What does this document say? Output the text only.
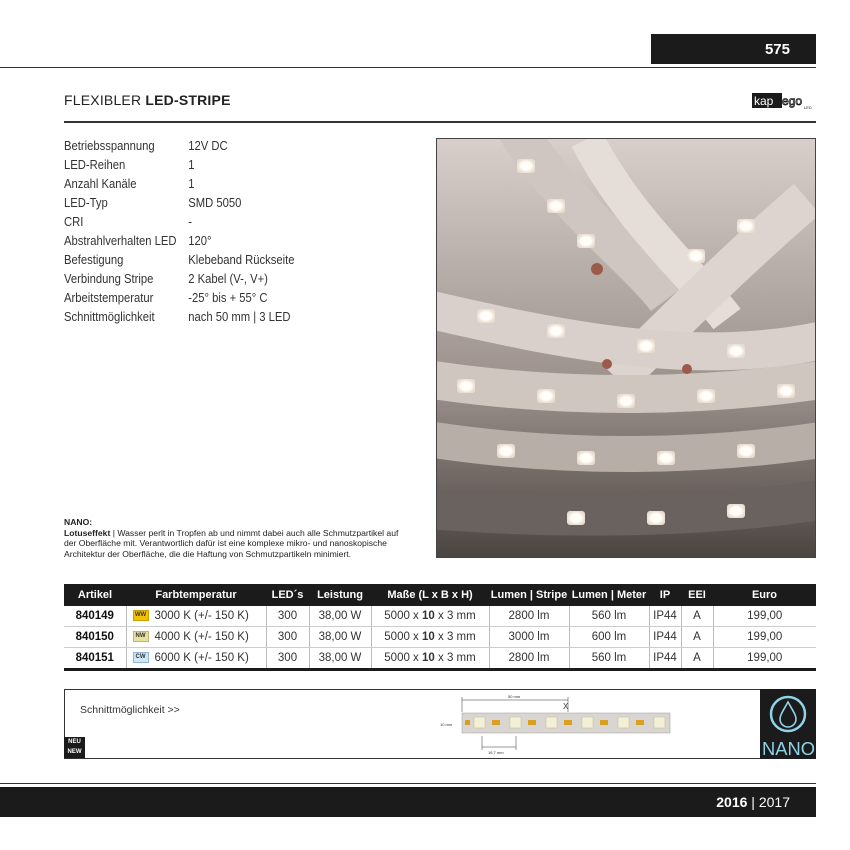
575
FLEXIBLER LED-STRIPE	kap ego LED
Betriebsspannung	12V DC
LED-Reihen	1
Anzahl Kanäle	1
LED-Typ	SMD 5050
CRI	-
Abstrahlverhalten LED 120°
Befestigung	Klebeband Rückseite
Verbindung Stripe	2 Kabel (V-, V+)
Arbeitstemperatur	-25° bis + 55° C
Schnittmöglichkeit	nach 50 mm | 3 LED
NANO:
Lotuseffekt | Wasser perlt in Tropfen ab und nimmt dabei auch alle Schmutzpartikel auf der Oberfläche mit. Verantwortlich dafür ist eine komplexe mikro- und nanoskopische Architektur der Oberfläche, die die Haftung von Schmutzpartikeln minimiert.
Artikel	Farbtemperatur	LED´s	Leistung	Maße (L x B x H)	Lumen | Stripe	Lumen | Meter	IP	EEI	Euro
840149	WW 3000 K (+/- 150 K)	300	38,00 W	5000 x 10 x 3 mm	2800 lm	560 lm	IP44	A	199,00
840150	NW 4000 K (+/- 150 K)	300	38,00 W	5000 x 10 x 3 mm	3000 lm	600 lm	IP44	A	199,00
840151	CW 6000 K (+/- 150 K)	300	38,00 W	5000 x 10 x 3 mm	2800 lm	560 lm	IP44	A	199,00
Schnittmöglichkeit >>
50 mm
X
10 mm
16,7 mm
NEU
NEW	NANO
2016 | 2017
